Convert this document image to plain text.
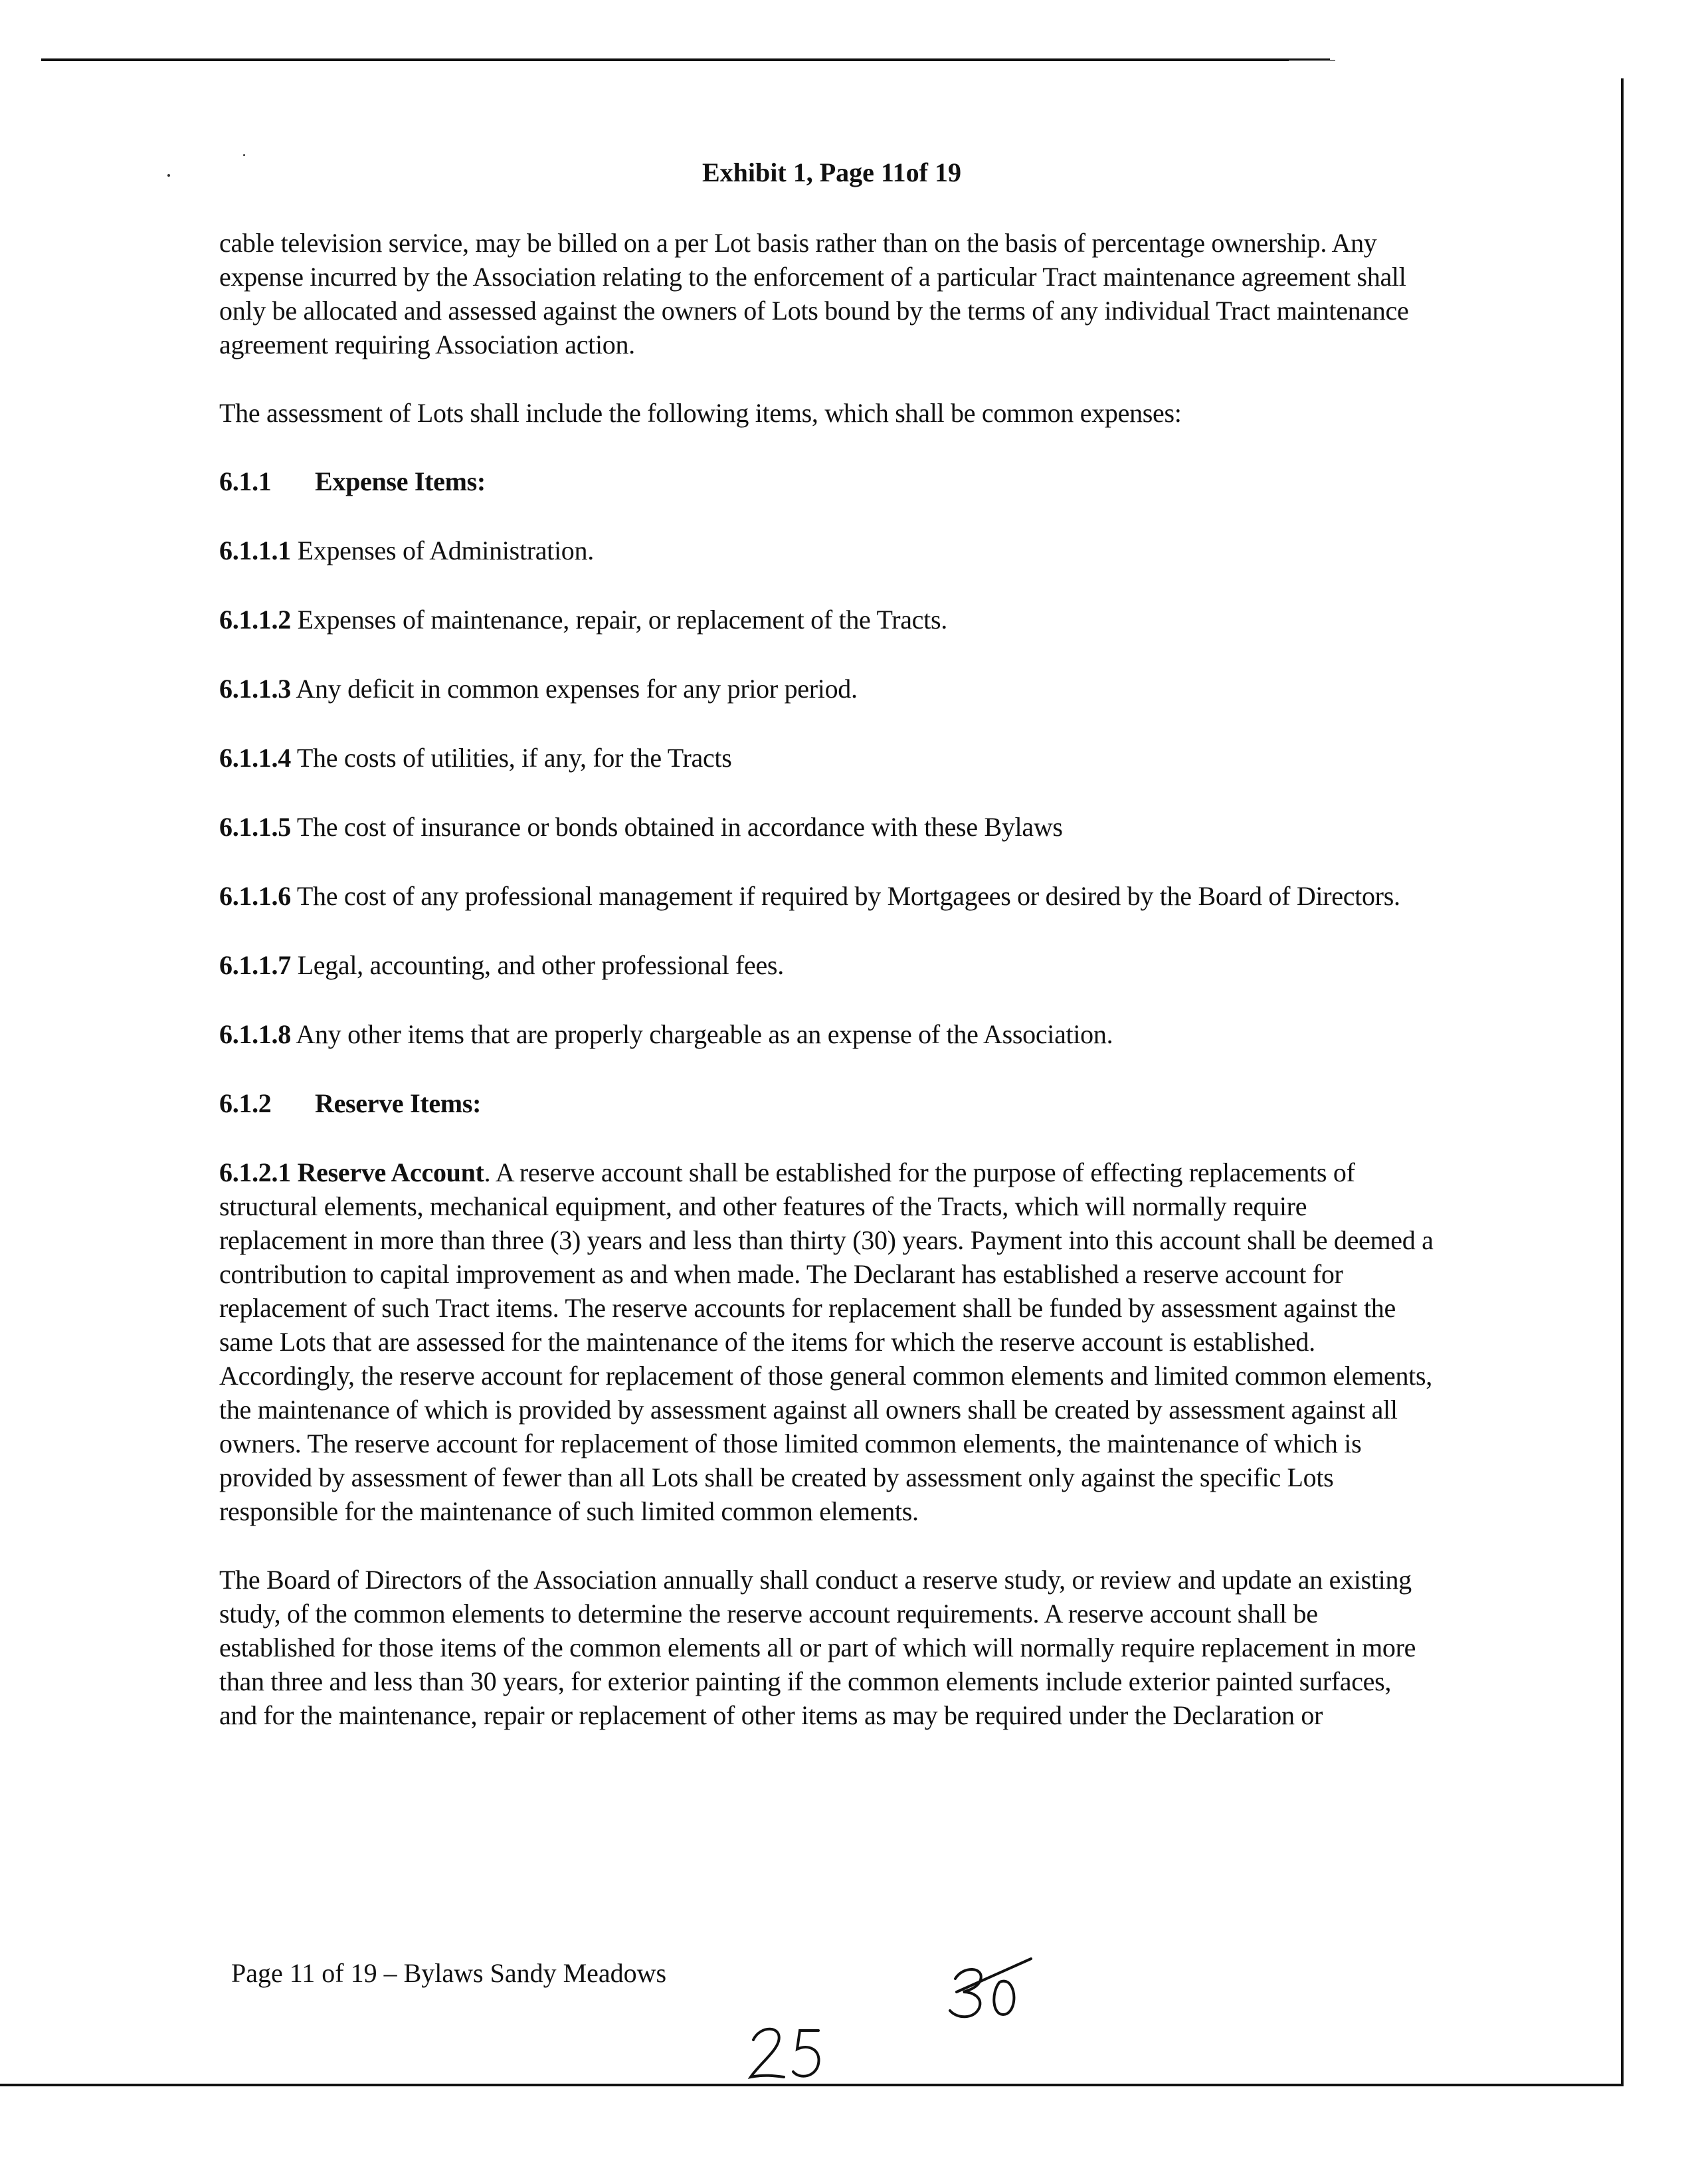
Exhibit 1, Page 11of 19

cable television service, may be billed on a per Lot basis rather than on the basis of percentage ownership. Any expense incurred by the Association relating to the enforcement of a particular Tract maintenance agreement shall only be allocated and assessed against the owners of Lots bound by the terms of any individual Tract maintenance agreement requiring Association action.

The assessment of Lots shall include the following items, which shall be common expenses:

6.1.1 Expense Items:
6.1.1.1 Expenses of Administration.
6.1.1.2 Expenses of maintenance, repair, or replacement of the Tracts.
6.1.1.3 Any deficit in common expenses for any prior period.
6.1.1.4 The costs of utilities, if any, for the Tracts
6.1.1.5 The cost of insurance or bonds obtained in accordance with these Bylaws
6.1.1.6 The cost of any professional management if required by Mortgagees or desired by the Board of Directors.
6.1.1.7 Legal, accounting, and other professional fees.
6.1.1.8 Any other items that are properly chargeable as an expense of the Association.
6.1.2 Reserve Items:

6.1.2.1 Reserve Account. A reserve account shall be established for the purpose of effecting replacements of structural elements, mechanical equipment, and other features of the Tracts, which will normally require replacement in more than three (3) years and less than thirty (30) years. Payment into this account shall be deemed a contribution to capital improvement as and when made. The Declarant has established a reserve account for replacement of such Tract items. The reserve accounts for replacement shall be funded by assessment against the same Lots that are assessed for the maintenance of the items for which the reserve account is established. Accordingly, the reserve account for replacement of those general common elements and limited common elements, the maintenance of which is provided by assessment against all owners shall be created by assessment against all owners. The reserve account for replacement of those limited common elements, the maintenance of which is provided by assessment of fewer than all Lots shall be created by assessment only against the specific Lots responsible for the maintenance of such limited common elements.

The Board of Directors of the Association annually shall conduct a reserve study, or review and update an existing study, of the common elements to determine the reserve account requirements. A reserve account shall be established for those items of the common elements all or part of which will normally require replacement in more than three and less than 30 years, for exterior painting if the common elements include exterior painted surfaces, and for the maintenance, repair or replacement of other items as may be required under the Declaration or

Page 11 of 19 – Bylaws Sandy Meadows
